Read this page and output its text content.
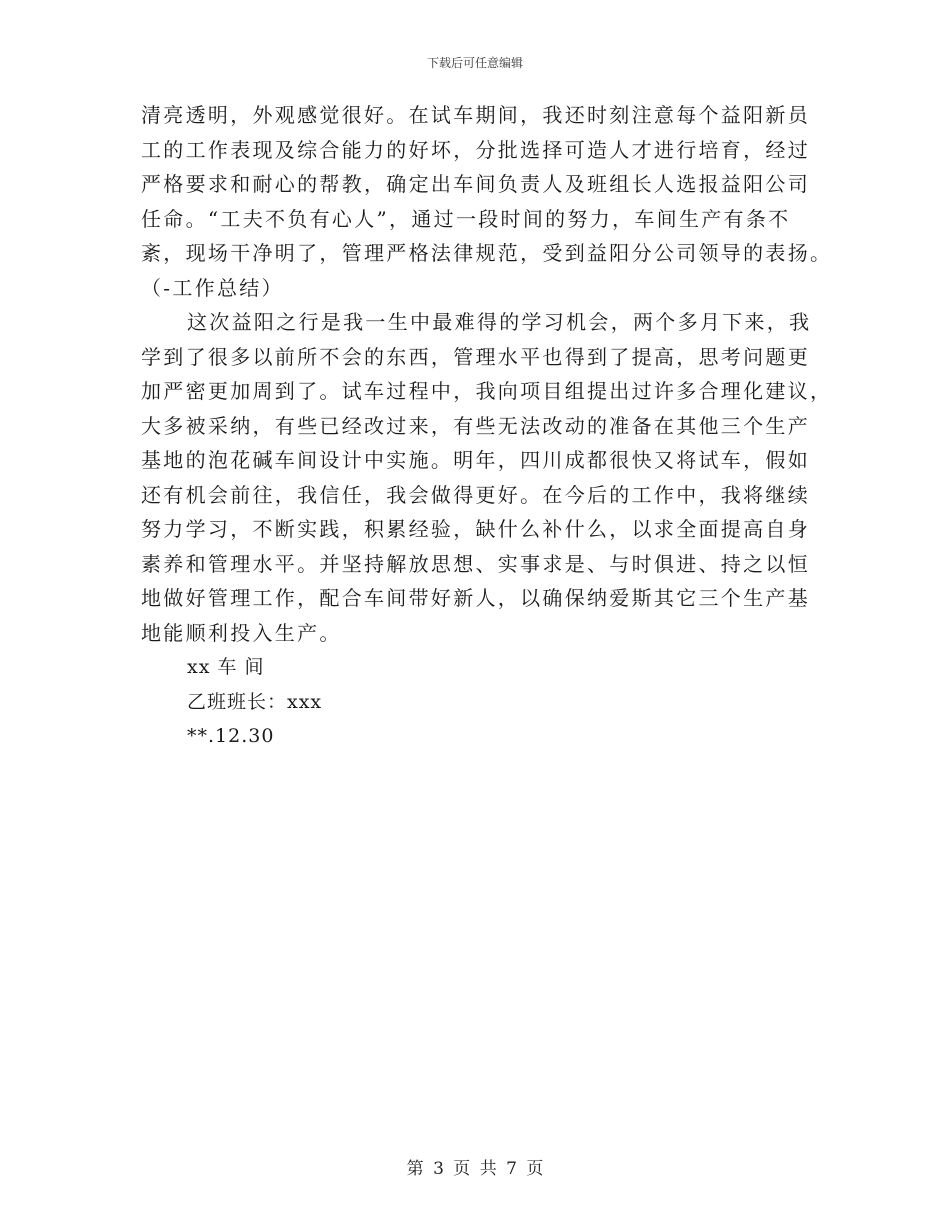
下载后可任意编辑
清亮透明，外观感觉很好。在试车期间，我还时刻注意每个益阳新员
工的工作表现及综合能力的好坏，分批选择可造人才进行培育，经过
严格要求和耐心的帮教，确定出车间负责人及班组长人选报益阳公司
任命。“工夫不负有心人”，通过一段时间的努力，车间生产有条不
紊，现场干净明了，管理严格法律规范，受到益阳分公司领导的表扬。
（-工作总结）
这次益阳之行是我一生中最难得的学习机会，两个多月下来，我
学到了很多以前所不会的东西，管理水平也得到了提高，思考问题更
加严密更加周到了。试车过程中，我向项目组提出过许多合理化建议，
大多被采纳，有些已经改过来，有些无法改动的准备在其他三个生产
基地的泡花碱车间设计中实施。明年，四川成都很快又将试车，假如
还有机会前往，我信任，我会做得更好。在今后的工作中，我将继续
努力学习，不断实践，积累经验，缺什么补什么，以求全面提高自身
素养和管理水平。并坚持解放思想、实事求是、与时俱进、持之以恒
地做好管理工作，配合车间带好新人，以确保纳爱斯其它三个生产基
地能顺利投入生产。
xx 车 间
乙班班长：xxx
**.12.30
第 3 页 共 7 页
